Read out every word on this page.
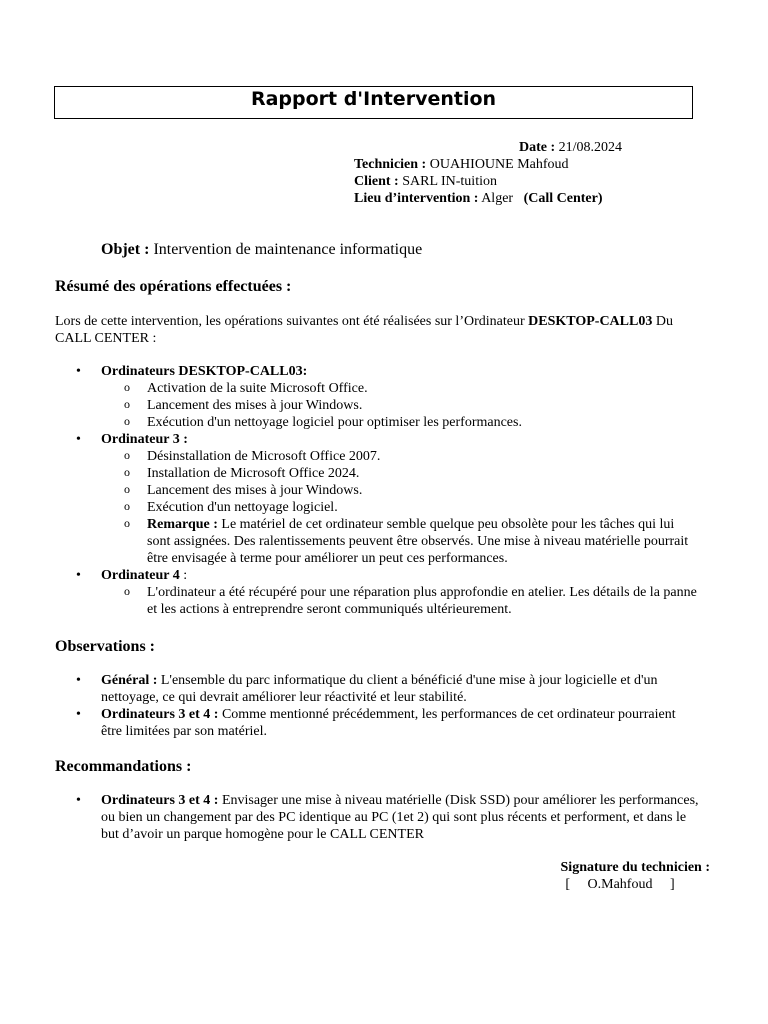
Rapport d'Intervention
Date : 21/08.2024
Technicien : OUAHIOUNE Mahfoud
Client : SARL IN-tuition
Lieu d’intervention : Alger (Call Center)
Objet : Intervention de maintenance informatique
Résumé des opérations effectuées :
Lors de cette intervention, les opérations suivantes ont été réalisées sur l’Ordinateur DESKTOP-CALL03 Du CALL CENTER :
• Ordinateurs DESKTOP-CALL03:
o Activation de la suite Microsoft Office.
o Lancement des mises à jour Windows.
o Exécution d'un nettoyage logiciel pour optimiser les performances.
• Ordinateur 3 :
o Désinstallation de Microsoft Office 2007.
o Installation de Microsoft Office 2024.
o Lancement des mises à jour Windows.
o Exécution d'un nettoyage logiciel.
o Remarque : Le matériel de cet ordinateur semble quelque peu obsolète pour les tâches qui lui sont assignées. Des ralentissements peuvent être observés. Une mise à niveau matérielle pourrait être envisagée à terme pour améliorer un peut ces performances.
• Ordinateur 4 :
o L'ordinateur a été récupéré pour une réparation plus approfondie en atelier. Les détails de la panne et les actions à entreprendre seront communiqués ultérieurement.
Observations :
• Général : L'ensemble du parc informatique du client a bénéficié d'une mise à jour logicielle et d'un nettoyage, ce qui devrait améliorer leur réactivité et leur stabilité.
• Ordinateurs 3 et 4 : Comme mentionné précédemment, les performances de cet ordinateur pourraient être limitées par son matériel.
Recommandations :
• Ordinateurs 3 et 4 : Envisager une mise à niveau matérielle (Disk SSD) pour améliorer les performances, ou bien un changement par des PC identique au PC (1et 2) qui sont plus récents et performent, et dans le but d’avoir un parque homogène pour le CALL CENTER
Signature du technicien :
[     O.Mahfoud     ]
